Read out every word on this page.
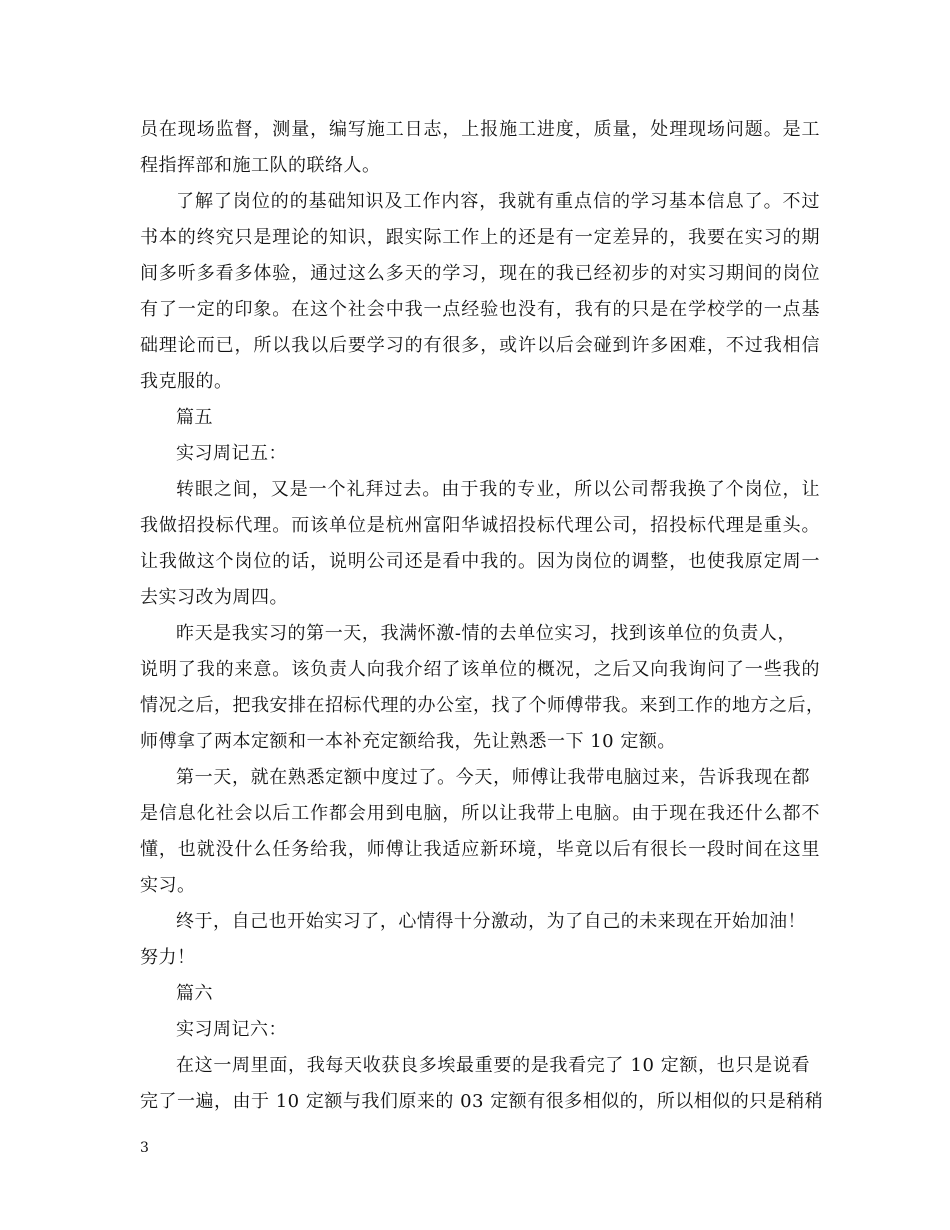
员在现场监督，测量，编写施工日志，上报施工进度，质量，处理现场问题。是工
程指挥部和施工队的联络人。
了解了岗位的的基础知识及工作内容，我就有重点信的学习基本信息了。不过
书本的终究只是理论的知识，跟实际工作上的还是有一定差异的，我要在实习的期
间多听多看多体验，通过这么多天的学习，现在的我已经初步的对实习期间的岗位
有了一定的印象。在这个社会中我一点经验也没有，我有的只是在学校学的一点基
础理论而已，所以我以后要学习的有很多，或许以后会碰到许多困难，不过我相信
我克服的。
篇五
实习周记五：
转眼之间，又是一个礼拜过去。由于我的专业，所以公司帮我换了个岗位，让
我做招投标代理。而该单位是杭州富阳华诚招投标代理公司，招投标代理是重头。
让我做这个岗位的话，说明公司还是看中我的。因为岗位的调整，也使我原定周一
去实习改为周四。
昨天是我实习的第一天，我满怀激-情的去单位实习，找到该单位的负责人，
说明了我的来意。该负责人向我介绍了该单位的概况，之后又向我询问了一些我的
情况之后，把我安排在招标代理的办公室，找了个师傅带我。来到工作的地方之后，
师傅拿了两本定额和一本补充定额给我，先让熟悉一下 10 定额。
第一天，就在熟悉定额中度过了。今天，师傅让我带电脑过来，告诉我现在都
是信息化社会以后工作都会用到电脑，所以让我带上电脑。由于现在我还什么都不
懂，也就没什么任务给我，师傅让我适应新环境，毕竟以后有很长一段时间在这里
实习。
终于，自己也开始实习了，心情得十分激动，为了自己的未来现在开始加油！
努力！
篇六
实习周记六：
在这一周里面，我每天收获良多埃最重要的是我看完了 10 定额，也只是说看
完了一遍，由于 10 定额与我们原来的 03 定额有很多相似的，所以相似的只是稍稍
3
